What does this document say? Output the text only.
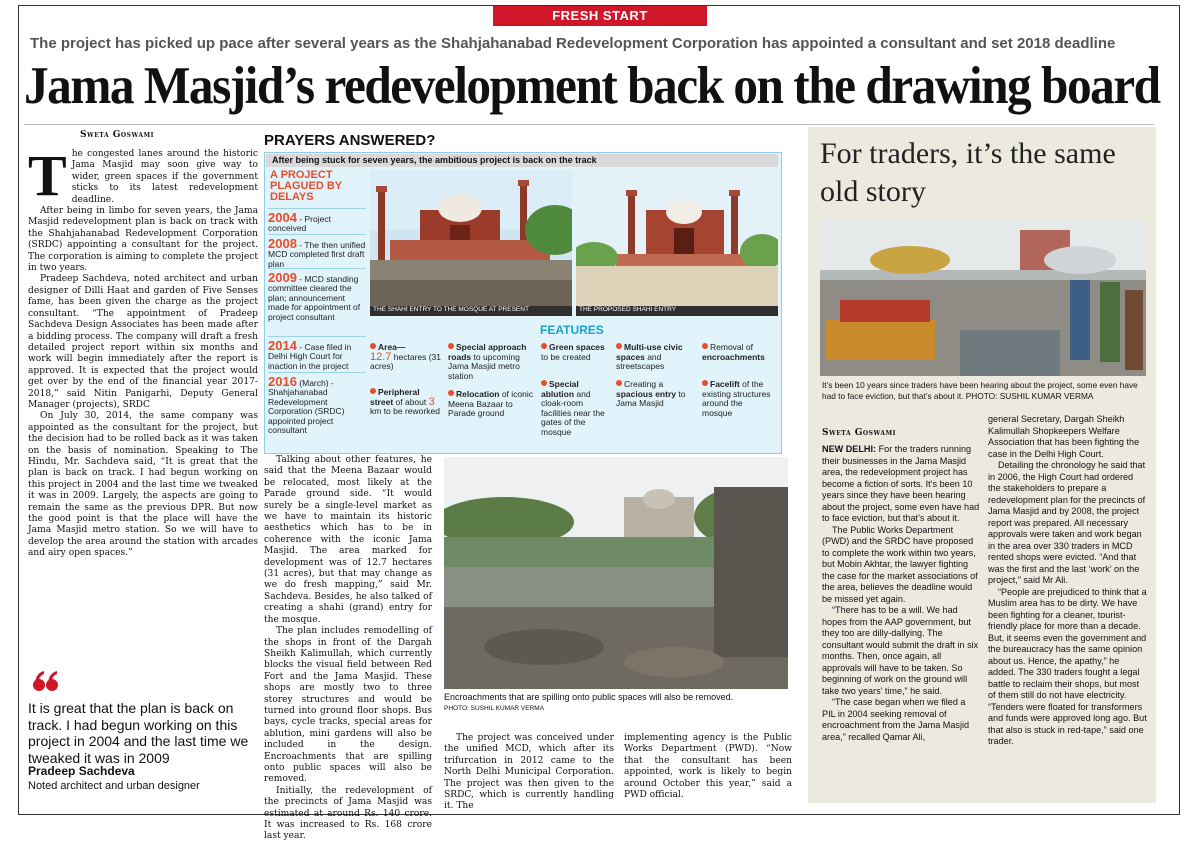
FRESH START
The project has picked up pace after several years as the Shahjahanabad Redevelopment Corporation has appointed a consultant and set 2018 deadline
Jama Masjid’s redevelopment back on the drawing board
Sweta Goswami
T he congested lanes around the historic Jama Masjid may soon give way to wider, green spaces if the government sticks to its latest redevelopment deadline.

After being in limbo for seven years, the Jama Masjid redevelopment plan is back on track with the Shahjahanabad Redevelopment Corporation (SRDC) appointing a consultant for the project. The corporation is aiming to complete the project in two years.

Pradeep Sachdeva, noted architect and urban designer of Dilli Haat and garden of Five Senses fame, has been given the charge as the project consultant. “The appointment of Pradeep Sachdeva Design Associates has been made after a bidding process. The company will draft a fresh detailed project report within six months and work will begin immediately after the report is approved. It is expected that the project would get over by the end of the financial year 2017-2018,” said Nitin Panigarhi, Deputy General Manager (projects), SRDC

On July 30, 2014, the same company was appointed as the consultant for the project, but the decision had to be rolled back as it was taken on the basis of nomination. Speaking to The Hindu, Mr. Sachdeva said, “It is great that the plan is back on track. I had begun working on this project in 2004 and the last time we tweaked it was in 2009. Largely, the aspects are going to remain the same as the previous DPR. But now the good point is that the place will have the Jama Masjid metro station. So we will have to develop the area around the station with arcades and airy open spaces.”

It is great that the plan is back on track. I had begun working on this project in 2004 and the last time we tweaked it was in 2009
Pradeep Sachdeva
Noted architect and urban designer
PRAYERS ANSWERED?
After being stuck for seven years, the ambitious project is back on the track
A PROJECT PLAGUED BY DELAYS
2004 - Project conceived
2008 - The then unified MCD completed first draft plan
2009 - MCD standing committee cleared the plan; announcement made for appointment of project consultant
2014 - Case filed in Delhi High Court for inaction in the project
2016 (March) - Shahjahanabad Redevelopment Corporation (SRDC) appointed project consultant
THE SHAHI ENTRY TO THE MOSQUE AT PRESENT	THE PROPOSED SHAHI ENTRY
FEATURES
Area—
12.7 hectares (31 acres)
Peripheral street of about 3 km to be reworked
Special approach roads to upcoming Jama Masjid metro station
Relocation of iconic Meena Bazaar to Parade ground
Green spaces to be created
Special ablution and cloak-room facilities near the gates of the mosque
Multi-use civic spaces and streetscapes
Creating a spacious entry to Jama Masjid
Removal of encroachments
Facelift of the existing structures around the mosque

Talking about other features, he said that the Meena Bazaar would be relocated, most likely at the Parade ground side. “It would surely be a single-level market as we have to maintain its historic aesthetics which has to be in coherence with the iconic Jama Masjid. The area marked for development was of 12.7 hectares (31 acres), but that may change as we do fresh mapping,” said Mr. Sachdeva. Besides, he also talked of creating a shahi (grand) entry for the mosque.

The plan includes remodelling of the shops in front of the Dargah Sheikh Kalimullah, which currently blocks the visual field between Red Fort and the Jama Masjid. These shops are mostly two to three storey structures and would be turned into ground floor shops. Bus bays, cycle tracks, special areas for ablution, mini gardens will also be included in the design. Encroachments that are spilling onto public spaces will also be removed.

Initially, the redevelopment of the precincts of Jama Masjid was estimated at around Rs. 140 crore. It was increased to Rs. 168 crore last year.

Encroachments that are spilling onto public spaces will also be removed.
PHOTO: SUSHIL KUMAR VERMA

The project was conceived under the unified MCD, which after its trifurcation in 2012 came to the North Delhi Municipal Corporation. The project was then given to the SRDC, which is currently handling it. The

implementing agency is the Public Works Department (PWD). “Now that the consultant has been appointed, work is likely to begin around October this year,” said a PWD official.

For traders, it’s the same old story
It’s been 10 years since traders have been hearing about the project, some even have had to face eviction, but that’s about it. PHOTO: SUSHIL KUMAR VERMA
Sweta Goswami

NEW DELHI: For the traders running their businesses in the Jama Masjid area, the redevelopment project has become a fiction of sorts. It’s been 10 years since they have been hearing about the project, some even have had to face eviction, but that’s about it.

The Public Works Department (PWD) and the SRDC have proposed to complete the work within two years, but Mobin Akhtar, the lawyer fighting the case for the market associations of the area, believes the deadline would be missed yet again.

“There has to be a will. We had hopes from the AAP government, but they too are dilly-dallying. The consultant would submit the draft in six months. Then, once again, all approvals will have to be taken. So beginning of work on the ground will take two years’ time,” he said.

“The case began when we filed a PIL in 2004 seeking removal of encroachment from the Jama Masjid area,” recalled Qamar Ali,

general Secretary, Dargah Sheikh Kalimullah Shopkeepers Welfare Association that has been fighting the case in the Delhi High Court.

Detailing the chronology he said that in 2006, the High Court had ordered the stakeholders to prepare a redevelopment plan for the precincts of Jama Masjid and by 2008, the project report was prepared. All necessary approvals were taken and work began in the area over 330 traders in MCD rented shops were evicted. “And that was the first and the last ‘work’ on the project,” said Mr Ali.

“People are prejudiced to think that a Muslim area has to be dirty. We have been fighting for a cleaner, tourist-friendly place for more than a decade. But, it seems even the government and the bureaucracy has the same opinion about us. Hence, the apathy,” he added. The 330 traders fought a legal battle to reclaim their shops, but most of them still do not have electricity. “Tenders were floated for transformers and funds were approved long ago. But that also is stuck in red-tape,” said one trader.
